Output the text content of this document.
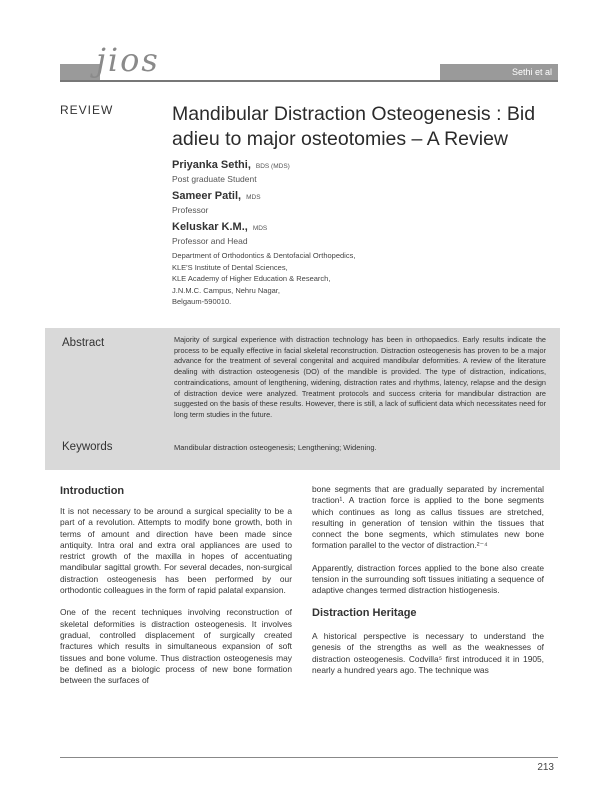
jios	Sethi et al
REVIEW	Mandibular Distraction Osteogenesis : Bid adieu to major osteotomies – A Review
Priyanka Sethi, BDS (MDS)
Post graduate Student
Sameer Patil, MDS
Professor
Keluskar K.M., MDS
Professor and Head
Department of Orthodontics & Dentofacial Orthopedics,
KLE'S Institute of Dental Sciences,
KLE Academy of Higher Education & Research,
J.N.M.C. Campus, Nehru Nagar,
Belgaum-590010.
Abstract	Majority of surgical experience with distraction technology has been in orthopaedics. Early results indicate the process to be equally effective in facial skeletal reconstruction. Distraction osteogenesis has proven to be a major advance for the treatment of several congenital and acquired mandibular deformities. A review of the literature dealing with distraction osteogenesis (DO) of the mandible is provided. The type of distraction, indications, contraindications, amount of lengthening, widening, distraction rates and rhythms, latency, relapse and the design of distraction device were analyzed. Treatment protocols and success criteria for mandibular distraction are suggested on the basis of these results. However, there is still, a lack of sufficient data which necessitates need for long term studies in the future.
Keywords	Mandibular distraction osteogenesis; Lengthening; Widening.
Introduction

It is not necessary to be around a surgical speciality to be a part of a revolution. Attempts to modify bone growth, both in terms of amount and direction have been made since antiquity. Intra oral and extra oral appliances are used to restrict growth of the maxilla in hopes of accentuating mandibular sagittal growth. For several decades, non-surgical distraction osteogenesis has been performed by our orthodontic colleagues in the form of rapid palatal expansion.

One of the recent techniques involving reconstruction of skeletal deformities is distraction osteogenesis. It involves gradual, controlled displacement of surgically created fractures which results in simultaneous expansion of soft tissues and bone volume. Thus distraction osteogenesis may be defined as a biologic process of new bone formation between the surfaces of

bone segments that are gradually separated by incremental traction¹. A traction force is applied to the bone segments which continues as long as callus tissues are stretched, resulting in generation of tension within the tissues that connect the bone segments, which stimulates new bone formation parallel to the vector of distraction.²⁻⁴

Apparently, distraction forces applied to the bone also create tension in the surrounding soft tissues initiating a sequence of adaptive changes termed distraction histiogenesis.

Distraction Heritage

A historical perspective is necessary to understand the genesis of the strengths as well as the weaknesses of distraction osteogenesis. Codvilla⁵ first introduced it in 1905, nearly a hundred years ago. The technique was

213
